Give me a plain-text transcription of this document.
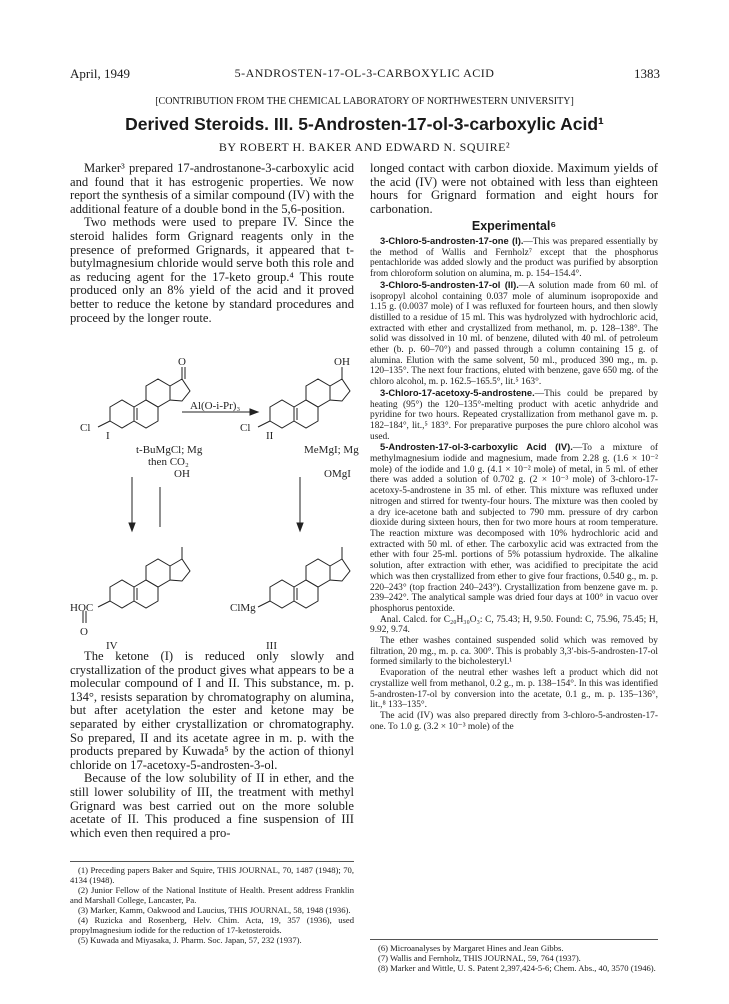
April, 1949	5-ANDROSTEN-17-OL-3-CARBOXYLIC ACID	1383
[CONTRIBUTION FROM THE CHEMICAL LABORATORY OF NORTHWESTERN UNIVERSITY]
Derived Steroids. III. 5-Androsten-17-ol-3-carboxylic Acid¹
BY ROBERT H. BAKER AND EDWARD N. SQUIRE²

Marker³ prepared 17-androstanone-3-carboxylic acid and found that it has estrogenic properties. We now report the synthesis of a similar compound (IV) with the additional feature of a double bond in the 5,6-position.

Two methods were used to prepare IV. Since the steroid halides form Grignard reagents only in the presence of preformed Grignards, it appeared that t-butylmagnesium chloride would serve both this role and as reducing agent for the 17-keto group.⁴ This route produced only an 8% yield of the acid and it proved better to reduce the ketone by standard procedures and proceed by the longer route.

O	OH
Cl	Cl
Al(O-i-Pr)₃
I	II
t-BuMgCl; Mg
then CO₂
MeMgI; Mg
OH	OMgI
HOC	ClMg
O
IV	III

The ketone (I) is reduced only slowly and crystallization of the product gives what appears to be a molecular compound of I and II. This substance, m. p. 134°, resists separation by chromatography on alumina, but after acetylation the ester and ketone may be separated by either crystallization or chromatography. So prepared, II and its acetate agree in m. p. with the products prepared by Kuwada⁵ by the action of thionyl chloride on 17-acetoxy-5-androsten-3-ol.

Because of the low solubility of II in ether, and the still lower solubility of III, the treatment with methyl Grignard was best carried out on the more soluble acetate of II. This produced a fine suspension of III which even then required a pro-

(1) Preceding papers Baker and Squire, THIS JOURNAL, 70, 1487 (1948); 70, 4134 (1948).

(2) Junior Fellow of the National Institute of Health. Present address Franklin and Marshall College, Lancaster, Pa.

(3) Marker, Kamm, Oakwood and Laucius, THIS JOURNAL, 58, 1948 (1936).

(4) Ruzicka and Rosenberg, Helv. Chim. Acta, 19, 357 (1936), used propylmagnesium iodide for the reduction of 17-ketosteroids.

(5) Kuwada and Miyasaka, J. Pharm. Soc. Japan, 57, 232 (1937).

longed contact with carbon dioxide. Maximum yields of the acid (IV) were not obtained with less than eighteen hours for Grignard formation and eight hours for carbonation.

Experimental⁶

3-Chloro-5-androsten-17-one (I).—This was prepared essentially by the method of Wallis and Fernholz⁷ except that the phosphorus pentachloride was added slowly and the product was purified by absorption from chloroform solution on alumina, m. p. 154–154.4°.

3-Chloro-5-androsten-17-ol (II).—A solution made from 60 ml. of isopropyl alcohol containing 0.037 mole of aluminum isopropoxide and 1.15 g. (0.0037 mole) of I was refluxed for fourteen hours, and then slowly distilled to a residue of 15 ml. This was hydrolyzed with hydrochloric acid, extracted with ether and crystallized from methanol, m. p. 128–138°. The solid was dissolved in 10 ml. of benzene, diluted with 40 ml. of petroleum ether (b. p. 60–70°) and passed through a column containing 15 g. of alumina. Elution with the same solvent, 50 ml., produced 390 mg., m. p. 120–135°. The next four fractions, eluted with benzene, gave 650 mg. of the chloro alcohol, m. p. 162.5–165.5°, lit.⁵ 163°.

3-Chloro-17-acetoxy-5-androstene.—This could be prepared by heating (95°) the 120–135°-melting product with acetic anhydride and pyridine for two hours. Repeated crystallization from methanol gave m. p. 182–184°, lit.,⁵ 183°. For preparative purposes the pure chloro alcohol was used.

5-Androsten-17-ol-3-carboxylic Acid (IV).—To a mixture of methylmagnesium iodide and magnesium, made from 2.28 g. (1.6 × 10⁻² mole) of the iodide and 1.0 g. (4.1 × 10⁻² mole) of metal, in 5 ml. of ether there was added a solution of 0.702 g. (2 × 10⁻³ mole) of 3-chloro-17-acetoxy-5-androstene in 35 ml. of ether. This mixture was refluxed under nitrogen and stirred for twenty-four hours. The mixture was then cooled by a dry ice-acetone bath and subjected to 790 mm. pressure of dry carbon dioxide during sixteen hours, then for two more hours at room temperature. The reaction mixture was decomposed with 10% hydrochloric acid and extracted with 50 ml. of ether. The carboxylic acid was extracted from the ether with four 25-ml. portions of 5% potassium hydroxide. The alkaline solution, after extraction with ether, was acidified to precipitate the acid which was then crystallized from ether to give four fractions, 0.540 g., m. p. 220–243° (top fraction 240–243°). Crystallization from benzene gave m. p. 239–242°. The analytical sample was dried four days at 100° in vacuo over phosphorus pentoxide.

Anal. Calcd. for C₂₀H₃₀O₃: C, 75.43; H, 9.50. Found: C, 75.96, 75.45; H, 9.92, 9.74.

The ether washes contained suspended solid which was removed by filtration, 20 mg., m. p. ca. 300°. This is probably 3,3′-bis-5-androsten-17-ol formed similarly to the bicholesteryl.¹

Evaporation of the neutral ether washes left a product which did not crystallize well from methanol, 0.2 g., m. p. 138–154°. In this was identified 5-androsten-17-ol by conversion into the acetate, 0.1 g., m. p. 135–136°, lit.,⁸ 133–135°.

The acid (IV) was also prepared directly from 3-chloro-5-androsten-17-one. To 1.0 g. (3.2 × 10⁻³ mole) of the

(6) Microanalyses by Margaret Hines and Jean Gibbs.

(7) Wallis and Fernholz, THIS JOURNAL, 59, 764 (1937).

(8) Marker and Wittle, U. S. Patent 2,397,424-5-6; Chem. Abs., 40, 3570 (1946).
